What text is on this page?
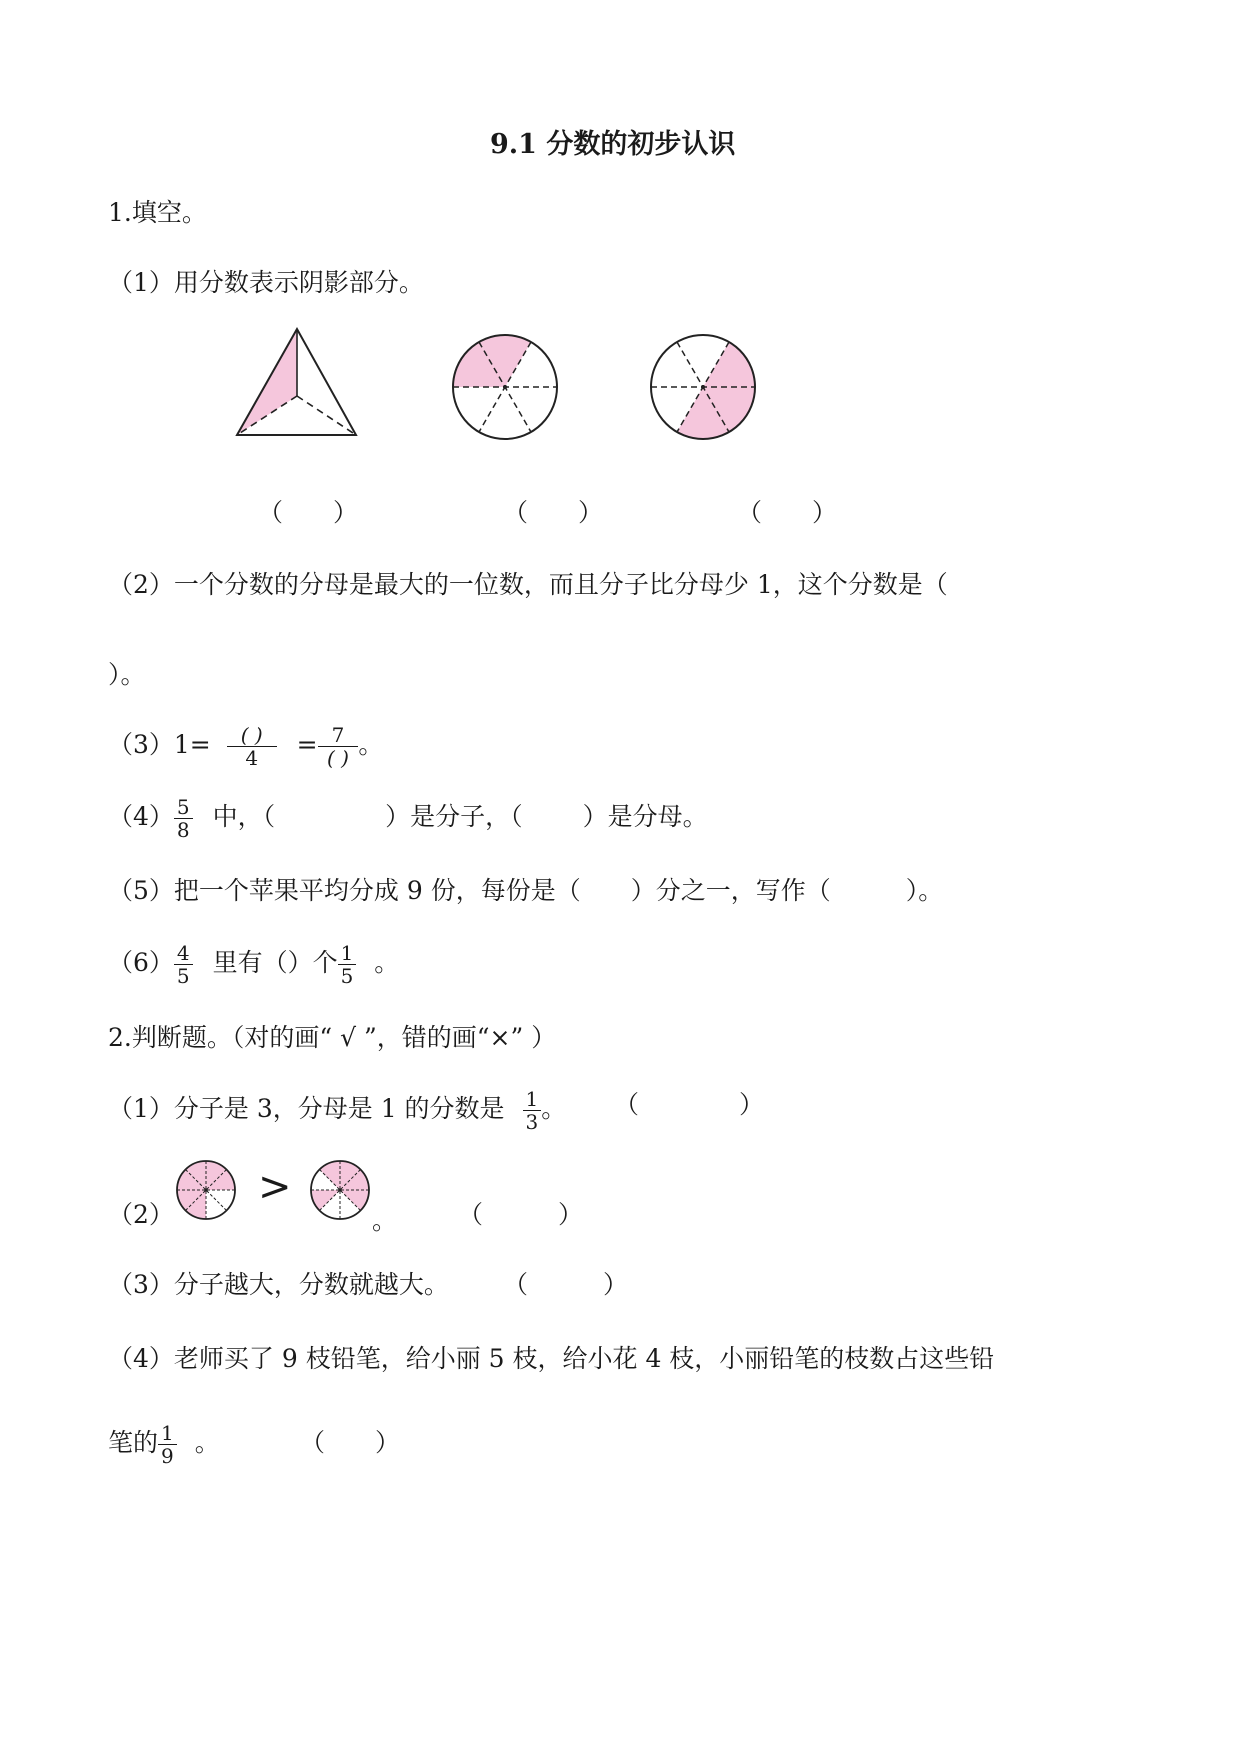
9.1 分数的初步认识
1.填空。
（1）用分数表示阴影部分。
（　　）	（　　）	（　　）
（2）一个分数的分母是最大的一位数，而且分子比分母少 1，这个分数是（
）。
$(3)1= \frac{( )}{4} = \frac{7}{( )}$ 。
$(4) \frac{5}{8}$ 中，（	）是分子，（ ）是分母。
（5）把一个苹果平均分成 9 份，每份是（　　）分之一，写作（　　　）。
$(6) \frac{4}{5}$ 里有（）个 $\frac{1}{5}$ 。
2.判断题。（对的画“ √ ”，错的画“×” ）
（1）分子是 3，分母是 1 的分数是 $\frac{1}{3}$ 。 （　　　　）
（2）
>
。 （　　　）
（3）分子越大，分数就越大。 （　　　）
（4）老师买了 9 枝铅笔，给小丽 5 枝，给小花 4 枝，小丽铅笔的枝数占这些铅
笔的 $\frac{1}{9}$ 。	（　　）
